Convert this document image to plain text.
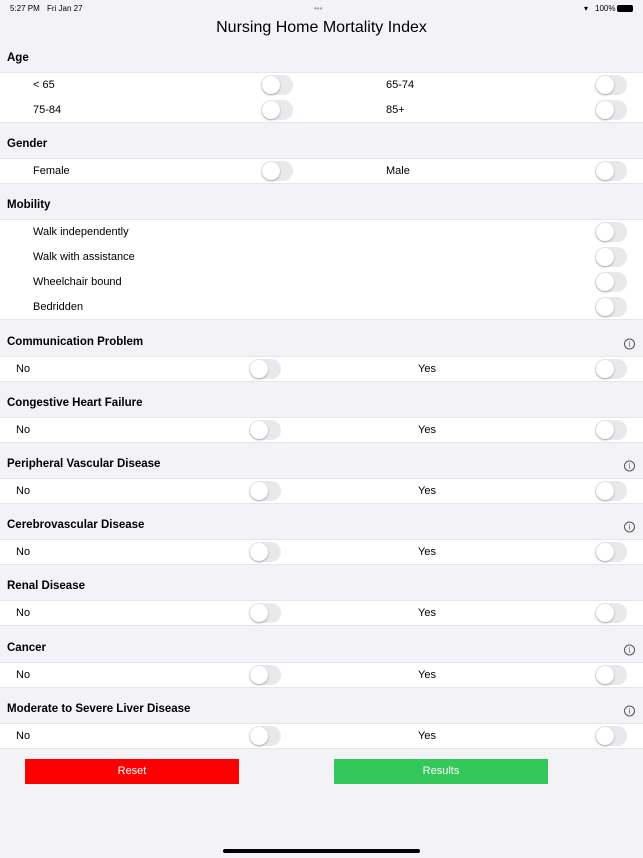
5:27 PM Fri Jan 27	•••	▾ 100%
Nursing Home Mortality Index
Age
< 65	65-74
75-84	85+
Gender
Female	Male
Mobility
Walk independently
Walk with assistance
Wheelchair bound
Bedridden
Communication Problem	i
No	Yes
Congestive Heart Failure
No	Yes
Peripheral Vascular Disease	i
No	Yes
Cerebrovascular Disease	i
No	Yes
Renal Disease
No	Yes
Cancer	i
No	Yes
Moderate to Severe Liver Disease	i
No	Yes
Reset	Results
